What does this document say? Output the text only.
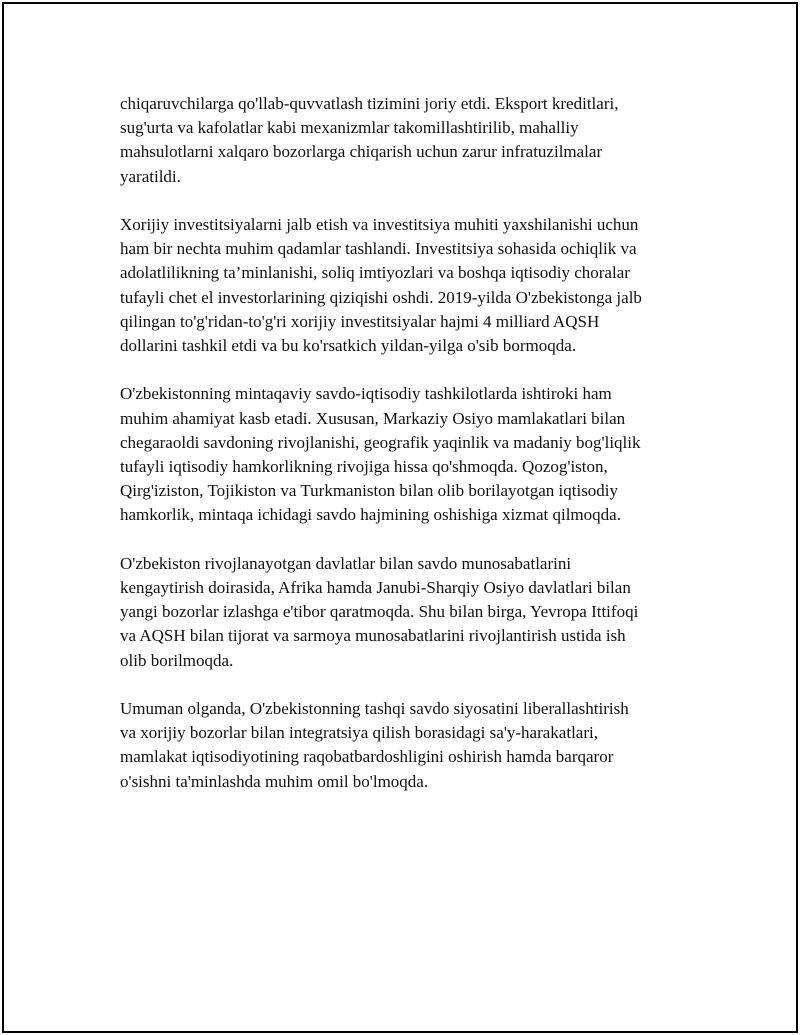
chiqaruvchilarga qo'llab-quvvatlash tizimini joriy etdi. Eksport kreditlari,
sug'urta va kafolatlar kabi mexanizmlar takomillashtirilib, mahalliy
mahsulotlarni xalqaro bozorlarga chiqarish uchun zarur infratuzilmalar
yaratildi.

Xorijiy investitsiyalarni jalb etish va investitsiya muhiti yaxshilanishi uchun
ham bir nechta muhim qadamlar tashlandi. Investitsiya sohasida ochiqlik va
adolatlilikning ta’minlanishi, soliq imtiyozlari va boshqa iqtisodiy choralar
tufayli chet el investorlarining qiziqishi oshdi. 2019-yilda O'zbekistonga jalb
qilingan to'g'ridan-to'g'ri xorijiy investitsiyalar hajmi 4 milliard AQSH
dollarini tashkil etdi va bu ko'rsatkich yildan-yilga o'sib bormoqda.

O'zbekistonning mintaqaviy savdo-iqtisodiy tashkilotlarda ishtiroki ham
muhim ahamiyat kasb etadi. Xususan, Markaziy Osiyo mamlakatlari bilan
chegaraoldi savdoning rivojlanishi, geografik yaqinlik va madaniy bog'liqlik
tufayli iqtisodiy hamkorlikning rivojiga hissa qo'shmoqda. Qozog'iston,
Qirg'iziston, Tojikiston va Turkmaniston bilan olib borilayotgan iqtisodiy
hamkorlik, mintaqa ichidagi savdo hajmining oshishiga xizmat qilmoqda.

O'zbekiston rivojlanayotgan davlatlar bilan savdo munosabatlarini
kengaytirish doirasida, Afrika hamda Janubi-Sharqiy Osiyo davlatlari bilan
yangi bozorlar izlashga e'tibor qaratmoqda. Shu bilan birga, Yevropa Ittifoqi
va AQSH bilan tijorat va sarmoya munosabatlarini rivojlantirish ustida ish
olib borilmoqda.

Umuman olganda, O'zbekistonning tashqi savdo siyosatini liberallashtirish
va xorijiy bozorlar bilan integratsiya qilish borasidagi sa'y-harakatlari,
mamlakat iqtisodiyotining raqobatbardoshligini oshirish hamda barqaror
o'sishni ta'minlashda muhim omil bo'lmoqda.
